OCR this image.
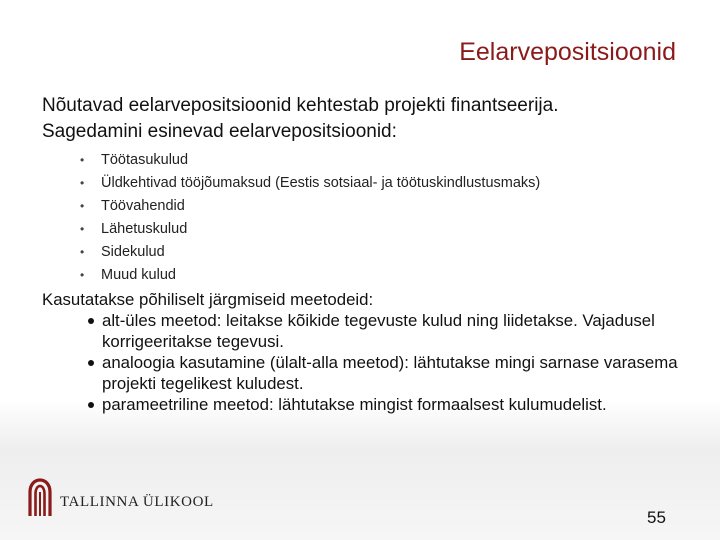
Eelarvepositsioonid

Nõutavad eelarvepositsioonid kehtestab projekti finantseerija.

Sagedamini esinevad eelarvepositsioonid:

• Töötasukulud
• Üldkehtivad tööjõumaksud (Eestis sotsiaal- ja töötuskindlustusmaks)
• Töövahendid
• Lähetuskulud
• Sidekulud
• Muud kulud

Kasutatakse põhiliselt järgmiseid meetodeid:

alt-üles meetod: leitakse kõikide tegevuste kulud ning liidetakse. Vajadusel korrigeeritakse tegevusi.
analoogia kasutamine (ülalt-alla meetod): lähtutakse mingi sarnase varasema projekti tegelikest kuludest.
parameetriline meetod: lähtutakse mingist formaalsest kulumudelist.
TALLINNA ÜLIKOOL
55
